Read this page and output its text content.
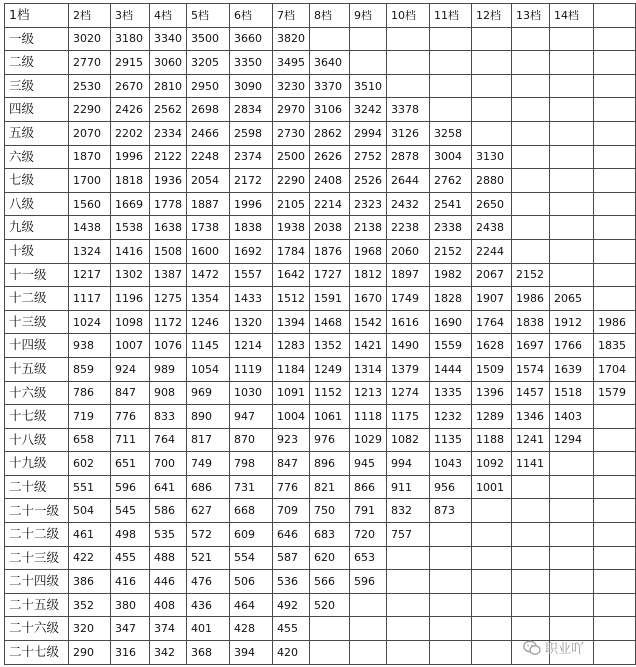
1档	2档	3档	4档	5档	6档	7档	8档	9档	10档	11档	12档	13档	14档	
一级	3020	3180	3340	3500	3660	3820								
二级	2770	2915	3060	3205	3350	3495	3640							
三级	2530	2670	2810	2950	3090	3230	3370	3510						
四级	2290	2426	2562	2698	2834	2970	3106	3242	3378					
五级	2070	2202	2334	2466	2598	2730	2862	2994	3126	3258				
六级	1870	1996	2122	2248	2374	2500	2626	2752	2878	3004	3130			
七级	1700	1818	1936	2054	2172	2290	2408	2526	2644	2762	2880			
八级	1560	1669	1778	1887	1996	2105	2214	2323	2432	2541	2650			
九级	1438	1538	1638	1738	1838	1938	2038	2138	2238	2338	2438			
十级	1324	1416	1508	1600	1692	1784	1876	1968	2060	2152	2244			
十一级	1217	1302	1387	1472	1557	1642	1727	1812	1897	1982	2067	2152		
十二级	1117	1196	1275	1354	1433	1512	1591	1670	1749	1828	1907	1986	2065	
十三级	1024	1098	1172	1246	1320	1394	1468	1542	1616	1690	1764	1838	1912	1986
十四级	938	1007	1076	1145	1214	1283	1352	1421	1490	1559	1628	1697	1766	1835
十五级	859	924	989	1054	1119	1184	1249	1314	1379	1444	1509	1574	1639	1704
十六级	786	847	908	969	1030	1091	1152	1213	1274	1335	1396	1457	1518	1579
十七级	719	776	833	890	947	1004	1061	1118	1175	1232	1289	1346	1403	
十八级	658	711	764	817	870	923	976	1029	1082	1135	1188	1241	1294	
十九级	602	651	700	749	798	847	896	945	994	1043	1092	1141		
二十级	551	596	641	686	731	776	821	866	911	956	1001			
二十一级	504	545	586	627	668	709	750	791	832	873				
二十二级	461	498	535	572	609	646	683	720	757					
二十三级	422	455	488	521	554	587	620	653						
二十四级	386	416	446	476	506	536	566	596						
二十五级	352	380	408	436	464	492	520							
二十六级	320	347	374	401	428	455								
二十七级	290	316	342	368	394	420									职业吖
